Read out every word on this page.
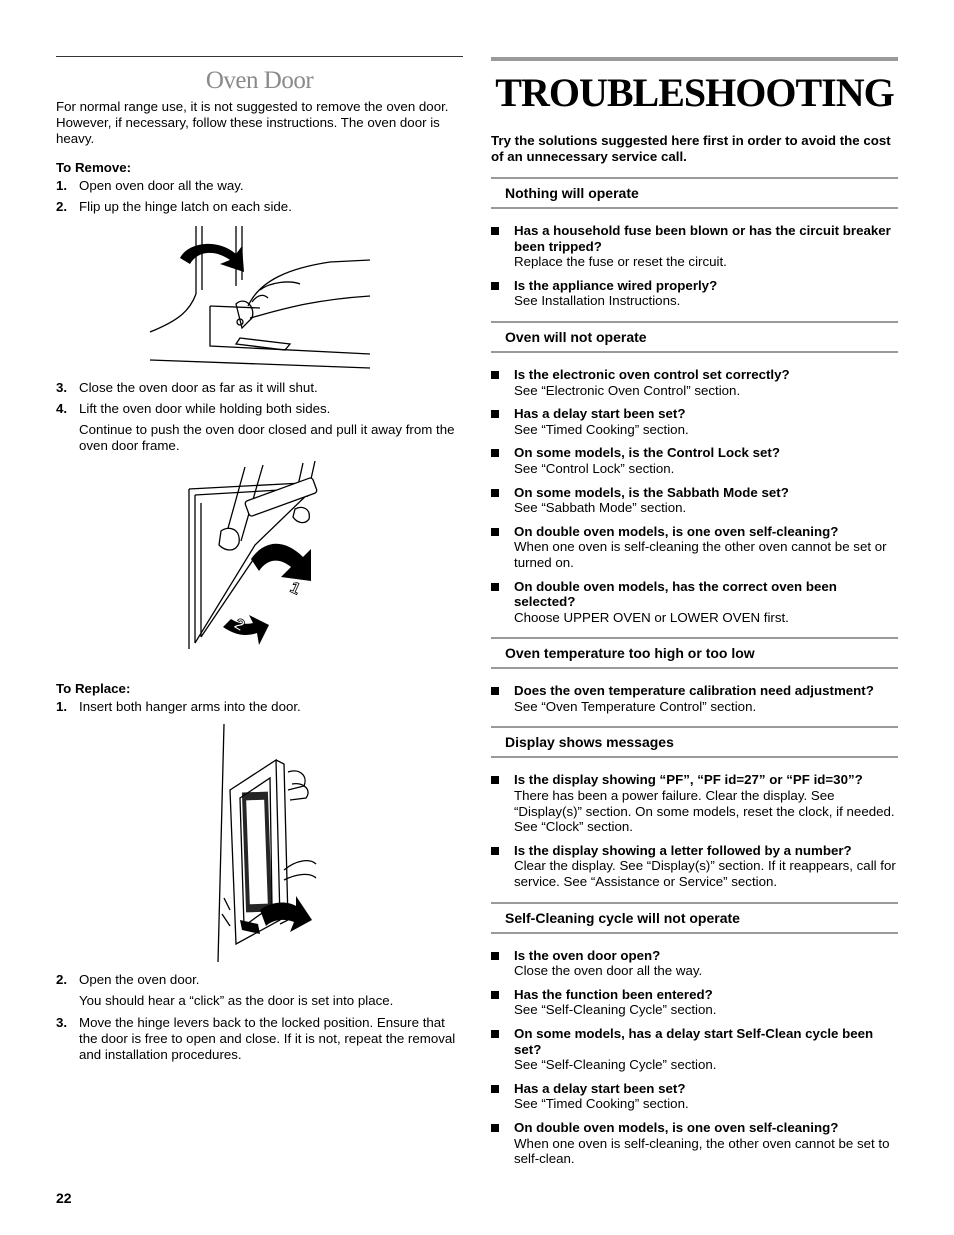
Oven Door
For normal range use, it is not suggested to remove the oven door. However, if necessary, follow these instructions. The oven door is heavy.
To Remove:
1. Open oven door all the way.
2. Flip up the hinge latch on each side.
3. Close the oven door as far as it will shut.
4. Lift the oven door while holding both sides.
Continue to push the oven door closed and pull it away from the oven door frame.
1
2
To Replace:
1. Insert both hanger arms into the door.
2. Open the oven door.
You should hear a “click” as the door is set into place.
3. Move the hinge levers back to the locked position. Ensure that the door is free to open and close. If it is not, repeat the removal and installation procedures.
TROUBLESHOOTING
Try the solutions suggested here first in order to avoid the cost of an unnecessary service call.
Nothing will operate
Has a household fuse been blown or has the circuit breaker been tripped?
Replace the fuse or reset the circuit.
Is the appliance wired properly?
See Installation Instructions.
Oven will not operate
Is the electronic oven control set correctly?
See “Electronic Oven Control” section.
Has a delay start been set?
See “Timed Cooking” section.
On some models, is the Control Lock set?
See “Control Lock” section.
On some models, is the Sabbath Mode set?
See “Sabbath Mode” section.
On double oven models, is one oven self-cleaning?
When one oven is self-cleaning the other oven cannot be set or turned on.
On double oven models, has the correct oven been selected?
Choose UPPER OVEN or LOWER OVEN first.
Oven temperature too high or too low
Does the oven temperature calibration need adjustment?
See “Oven Temperature Control” section.
Display shows messages
Is the display showing “PF”, “PF id=27” or “PF id=30”?
There has been a power failure. Clear the display. See “Display(s)” section. On some models, reset the clock, if needed. See “Clock” section.
Is the display showing a letter followed by a number?
Clear the display. See “Display(s)” section. If it reappears, call for service. See “Assistance or Service” section.
Self-Cleaning cycle will not operate
Is the oven door open?
Close the oven door all the way.
Has the function been entered?
See “Self-Cleaning Cycle” section.
On some models, has a delay start Self-Clean cycle been set?
See “Self-Cleaning Cycle” section.
Has a delay start been set?
See “Timed Cooking” section.
On double oven models, is one oven self-cleaning?
When one oven is self-cleaning, the other oven cannot be set to self-clean.
22
